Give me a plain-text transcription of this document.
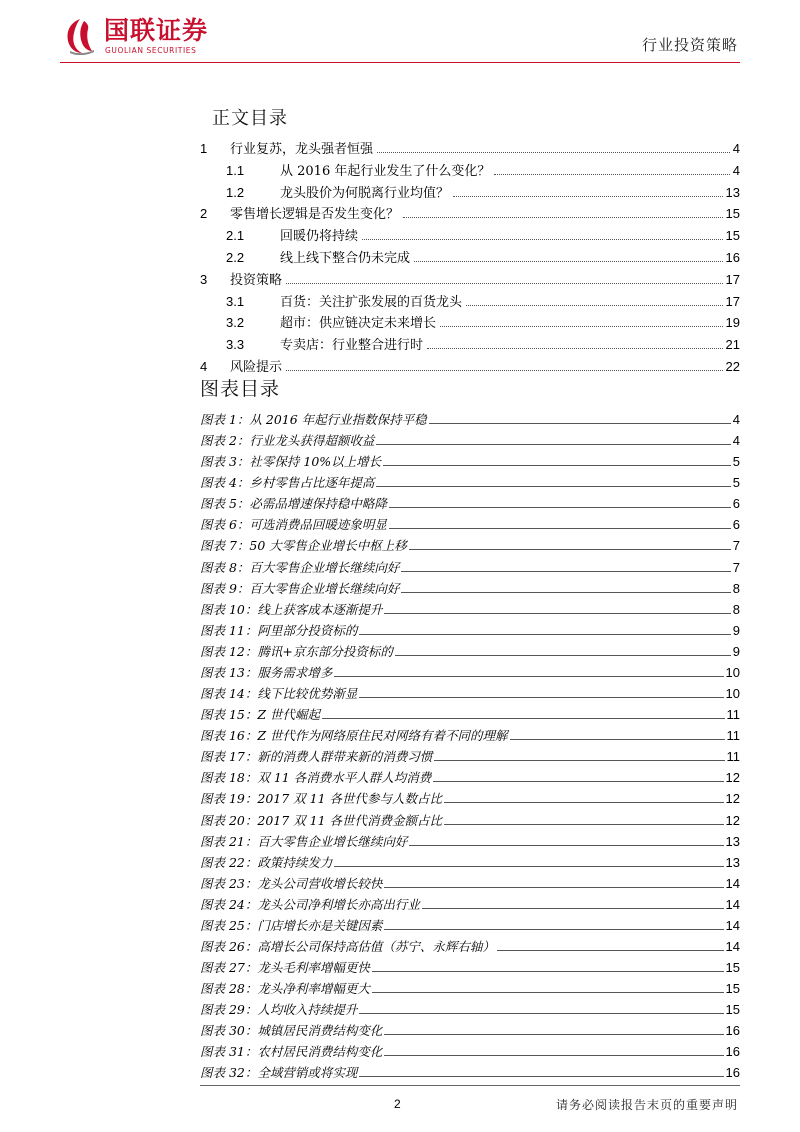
国联证券
GUOLIAN SECURITIES	行业投资策略
正文目录
1	行业复苏，龙头强者恒强	4
1.1	从 2016 年起行业发生了什么变化？	4
1.2	龙头股价为何脱离行业均值？	13
2	零售增长逻辑是否发生变化？	15
2.1	回暖仍将持续	15
2.2	线上线下整合仍未完成	16
3	投资策略	17
3.1	百货：关注扩张发展的百货龙头	17
3.2	超市：供应链决定未来增长	19
3.3	专卖店：行业整合进行时	21
4	风险提示	22
图表目录
图表 1：从 2016 年起行业指数保持平稳	4
图表 2：行业龙头获得超额收益	4
图表 3：社零保持 10%以上增长	5
图表 4：乡村零售占比逐年提高	5
图表 5：必需品增速保持稳中略降	6
图表 6：可选消费品回暖迹象明显	6
图表 7：50 大零售企业增长中枢上移	7
图表 8：百大零售企业增长继续向好	7
图表 9：百大零售企业增长继续向好	8
图表 10：线上获客成本逐渐提升	8
图表 11：阿里部分投资标的	9
图表 12：腾讯+京东部分投资标的	9
图表 13：服务需求增多	10
图表 14：线下比较优势渐显	10
图表 15：Z 世代崛起	11
图表 16：Z 世代作为网络原住民对网络有着不同的理解	11
图表 17：新的消费人群带来新的消费习惯	11
图表 18：双 11 各消费水平人群人均消费	12
图表 19：2017 双 11 各世代参与人数占比	12
图表 20：2017 双 11 各世代消费金额占比	12
图表 21：百大零售企业增长继续向好	13
图表 22：政策持续发力	13
图表 23：龙头公司营收增长较快	14
图表 24：龙头公司净利增长亦高出行业	14
图表 25：门店增长亦是关键因素	14
图表 26：高增长公司保持高估值（苏宁、永辉右轴）	14
图表 27：龙头毛利率增幅更快	15
图表 28：龙头净利率增幅更大	15
图表 29：人均收入持续提升	15
图表 30：城镇居民消费结构变化	16
图表 31：农村居民消费结构变化	16
图表 32：全域营销或将实现	16
2	请务必阅读报告末页的重要声明
